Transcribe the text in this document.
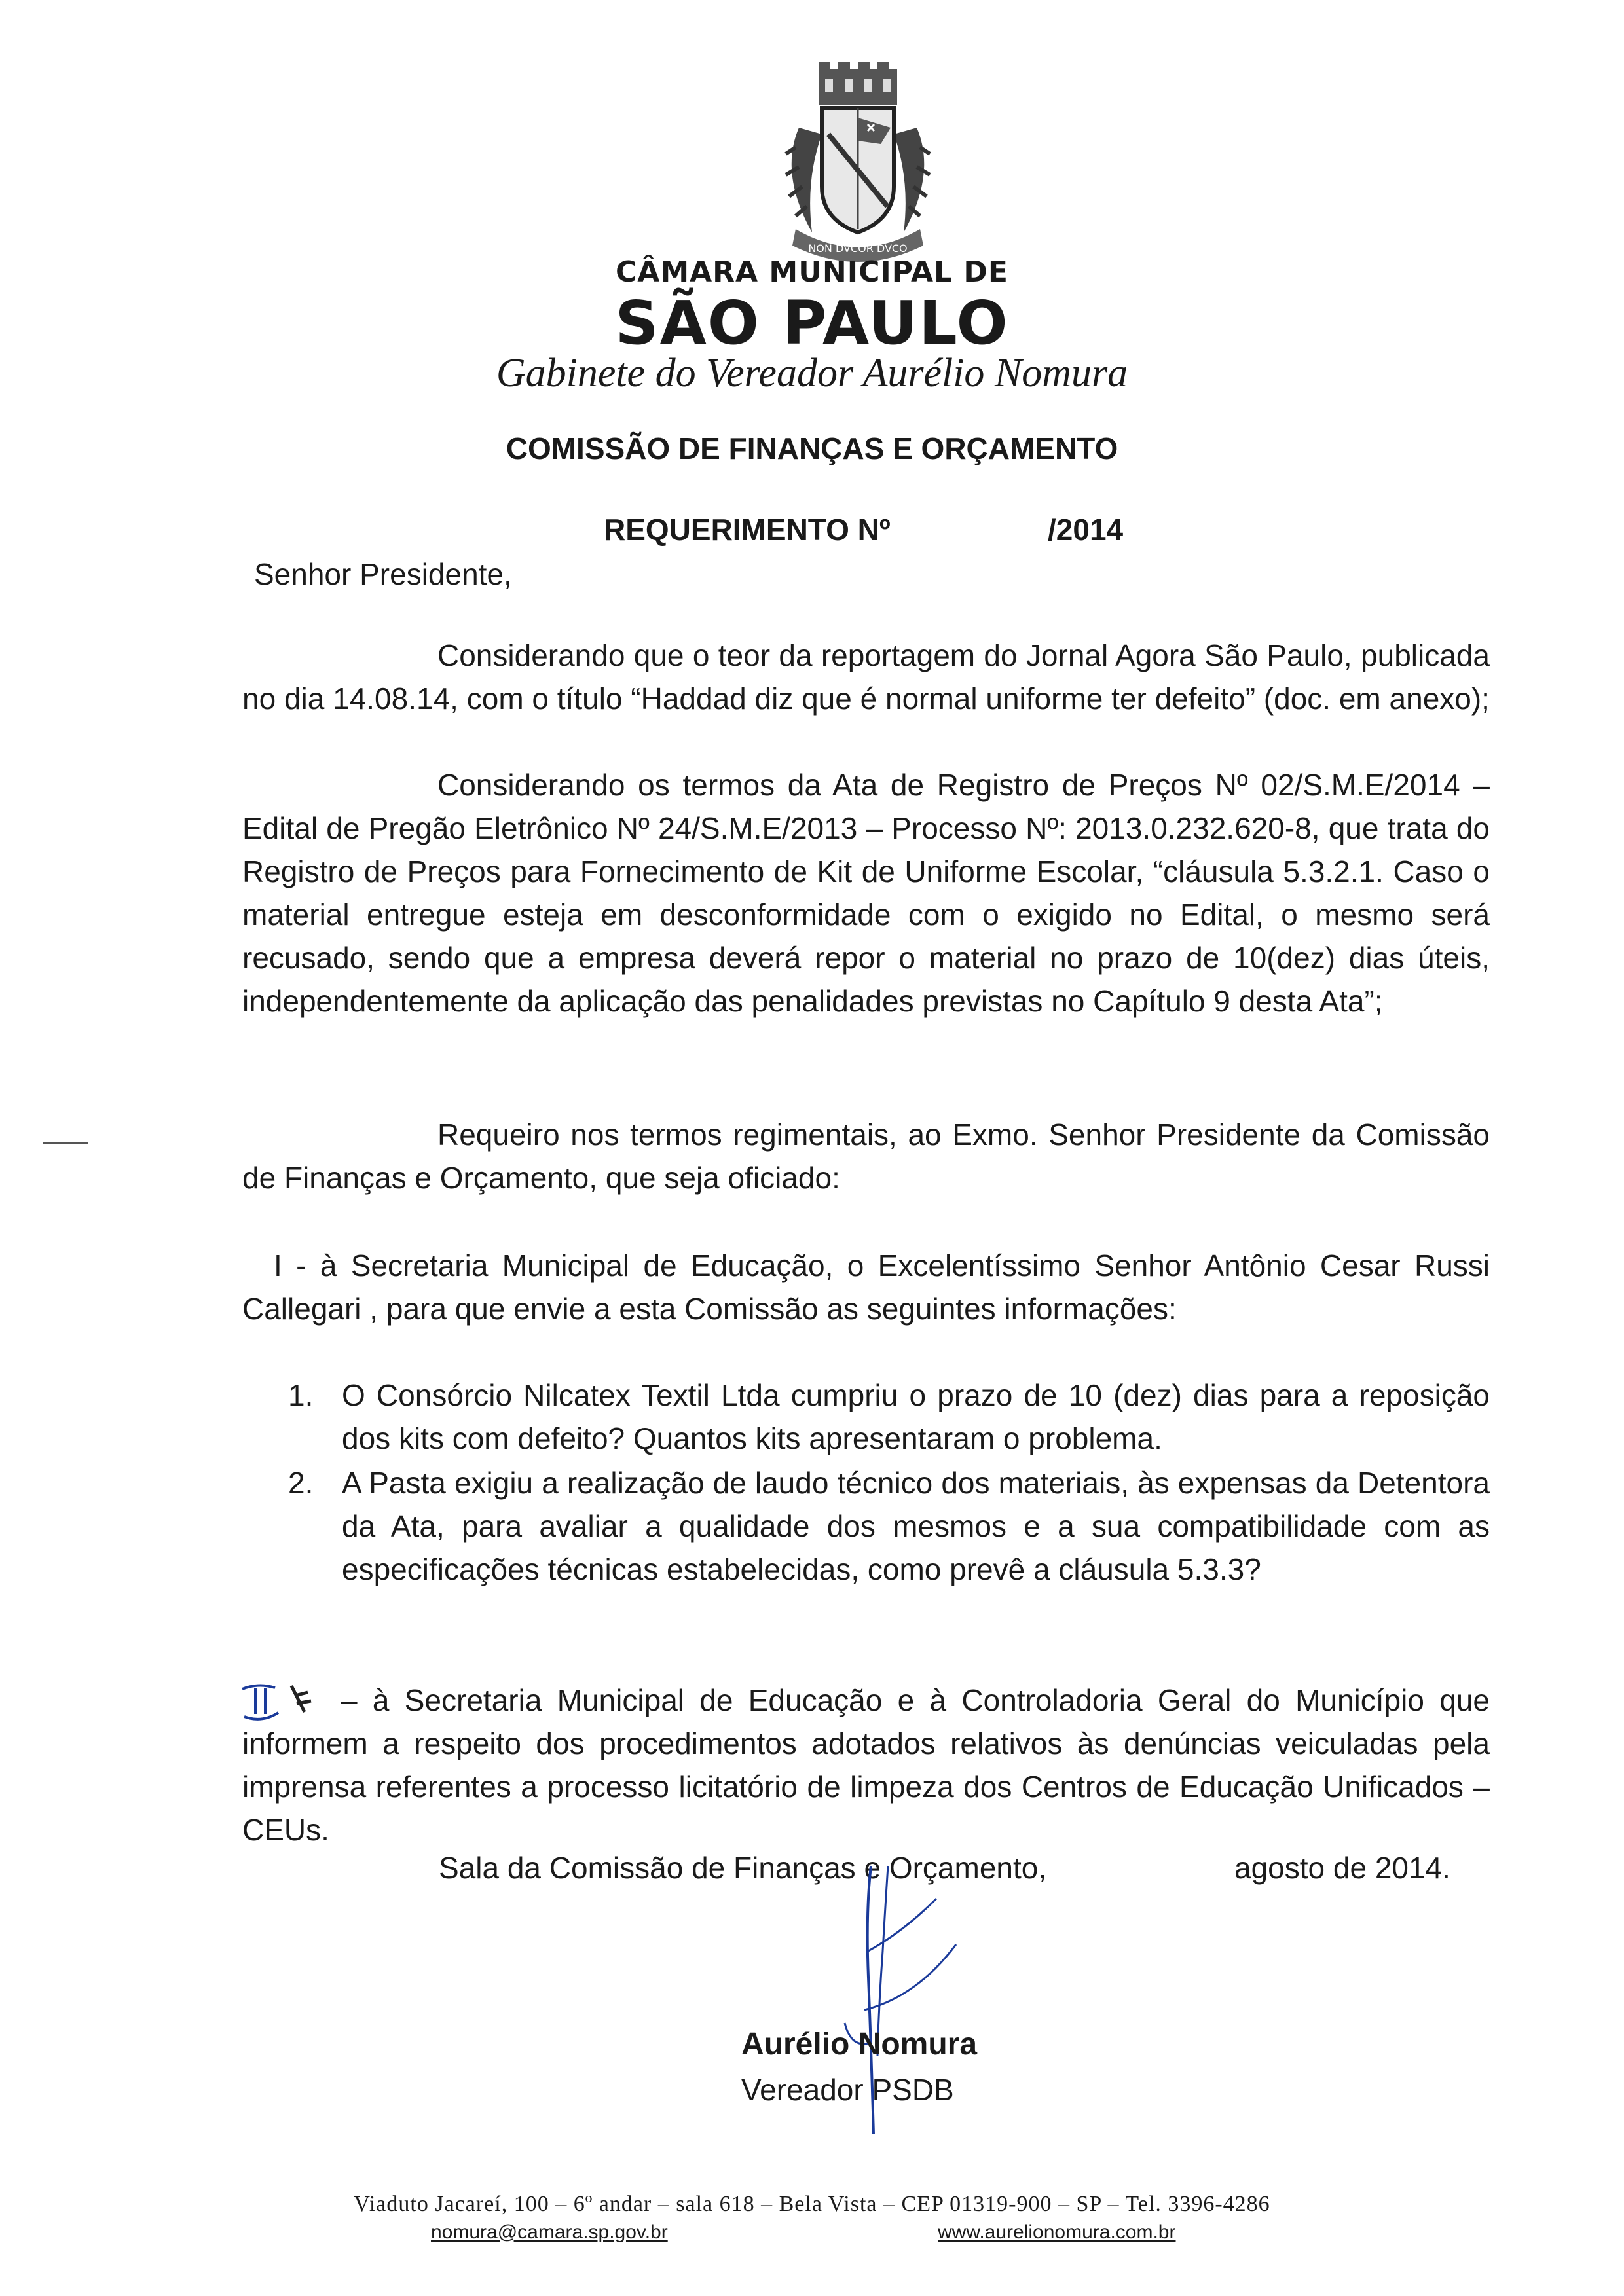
NON DVCOR DVCO
CÂMARA MUNICIPAL DE
SÃO PAULO
Gabinete do Vereador Aurélio Nomura
COMISSÃO DE FINANÇAS E ORÇAMENTO
REQUERIMENTO Nº	/2014
Senhor Presidente,
Considerando que o teor da reportagem do Jornal Agora São Paulo, publicada no dia 14.08.14, com o título “Haddad diz que é normal uniforme ter defeito” (doc. em anexo);
Considerando os termos da Ata de Registro de Preços Nº 02/S.M.E/2014 – Edital de Pregão Eletrônico Nº 24/S.M.E/2013 – Processo Nº: 2013.0.232.620-8, que trata do Registro de Preços para Fornecimento de Kit de Uniforme Escolar, “cláusula 5.3.2.1. Caso o material entregue esteja em desconformidade com o exigido no Edital, o mesmo será recusado, sendo que a empresa deverá repor o material no prazo de 10(dez) dias úteis, independentemente da aplicação das penalidades previstas no Capítulo 9 desta Ata”;
Requeiro nos termos regimentais, ao Exmo. Senhor Presidente da Comissão de Finanças e Orçamento, que seja oficiado:
I - à Secretaria Municipal de Educação, o Excelentíssimo Senhor Antônio Cesar Russi Callegari , para que envie a esta Comissão as seguintes informações:
1. O Consórcio Nilcatex Textil Ltda cumpriu o prazo de 10 (dez) dias para a reposição dos kits com defeito? Quantos kits apresentaram o problema.
2. A Pasta exigiu a realização de laudo técnico dos materiais, às expensas da Detentora da Ata, para avaliar a qualidade dos mesmos e a sua compatibilidade com as especificações técnicas estabelecidas, como prevê a cláusula 5.3.3?
– à Secretaria Municipal de Educação e à Controladoria Geral do Município que informem a respeito dos procedimentos adotados relativos às denúncias veiculadas pela imprensa referentes a processo licitatório de limpeza dos Centros de Educação Unificados – CEUs.
Sala da Comissão de Finanças e Orçamento,	agosto de 2014.
Aurélio Nomura
Vereador PSDB
Viaduto Jacareí, 100 – 6º andar – sala 618 – Bela Vista – CEP 01319-900 – SP – Tel. 3396-4286
nomura@camara.sp.gov.br	www.aurelionomura.com.br
